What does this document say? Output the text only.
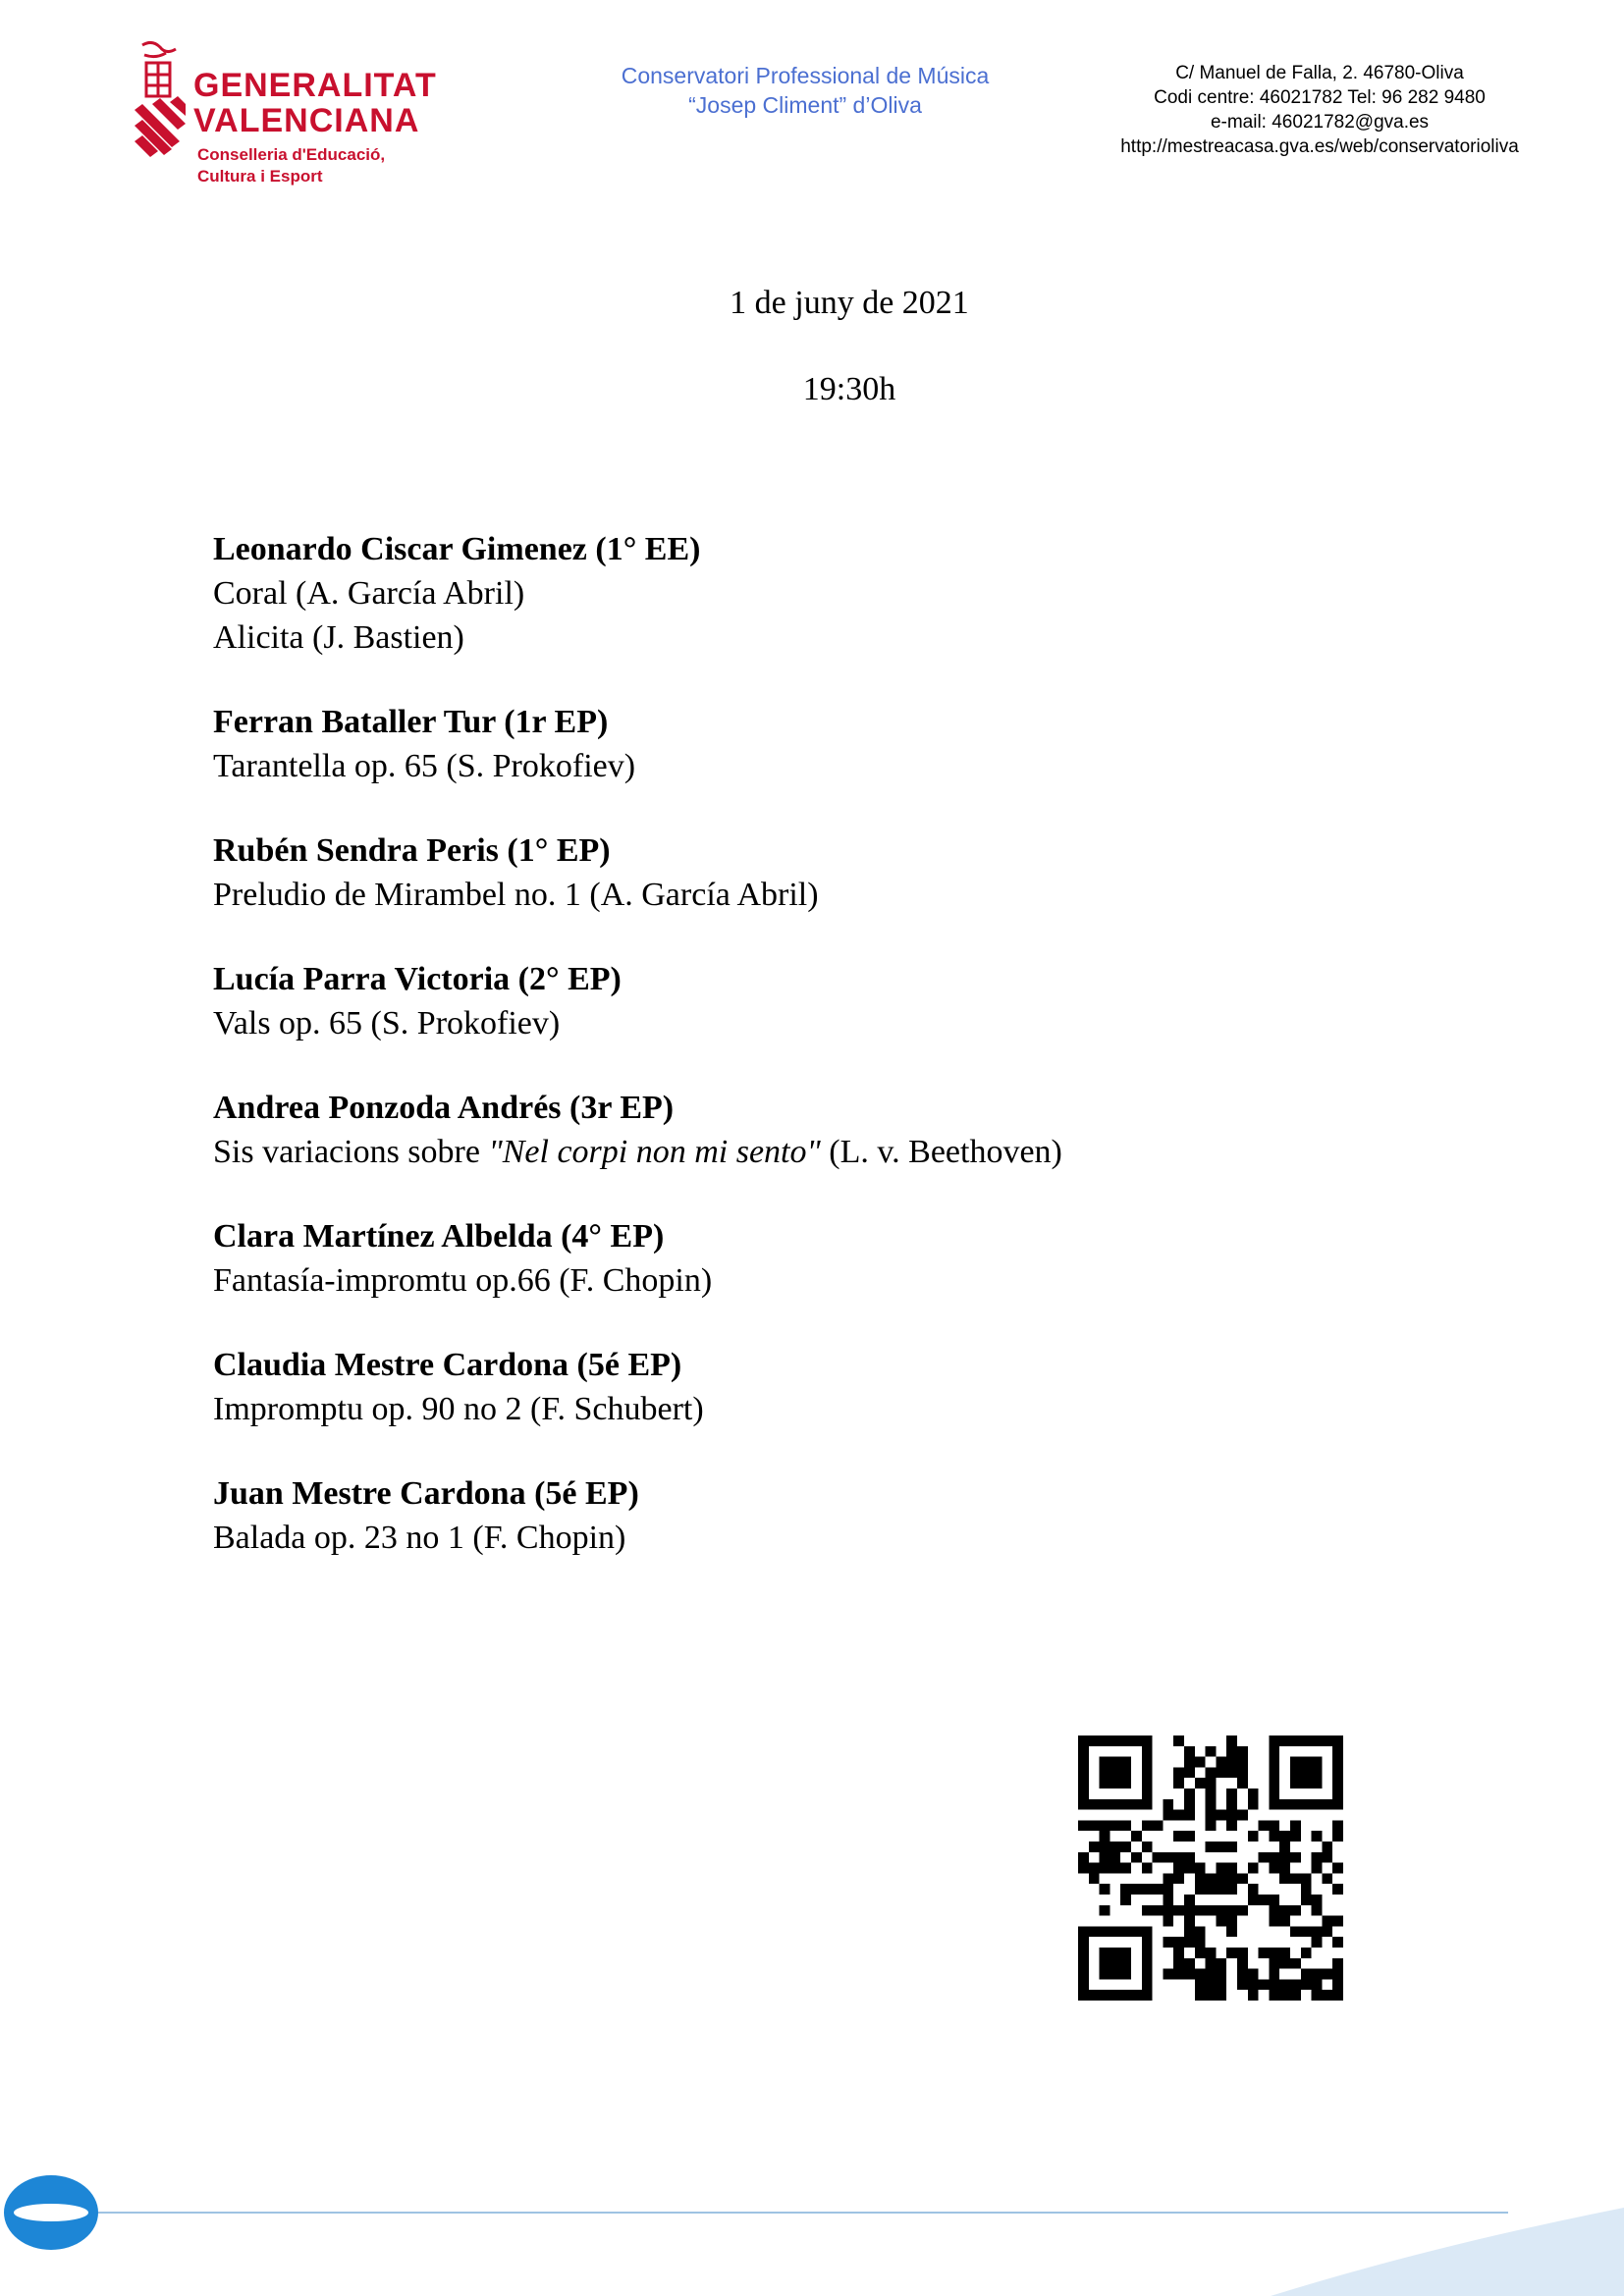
GENERALITAT
VALENCIANA
Conselleria d'Educació,
Cultura i Esport
Conservatori Professional de Música
“Josep Climent” d’Oliva
C/ Manuel de Falla, 2. 46780-Oliva
Codi centre: 46021782 Tel: 96 282 9480
e-mail: 46021782@gva.es
http://mestreacasa.gva.es/web/conservatorioliva
1 de juny de 2021
19:30h
Leonardo Ciscar Gimenez (1° EE)
Coral (A. García Abril)
Alicita (J. Bastien)
Ferran Bataller Tur (1r EP)
Tarantella op. 65 (S. Prokofiev)
Rubén Sendra Peris (1° EP)
Preludio de Mirambel no. 1 (A. García Abril)
Lucía Parra Victoria (2° EP)
Vals op. 65 (S. Prokofiev)
Andrea Ponzoda Andrés (3r EP)
Sis variacions sobre "Nel corpi non mi sento" (L. v. Beethoven)
Clara Martínez Albelda (4° EP)
Fantasía-impromtu op.66 (F. Chopin)
Claudia Mestre Cardona (5é EP)
Impromptu op. 90 no 2 (F. Schubert)
Juan Mestre Cardona (5é EP)
Balada op. 23 no 1 (F. Chopin)
